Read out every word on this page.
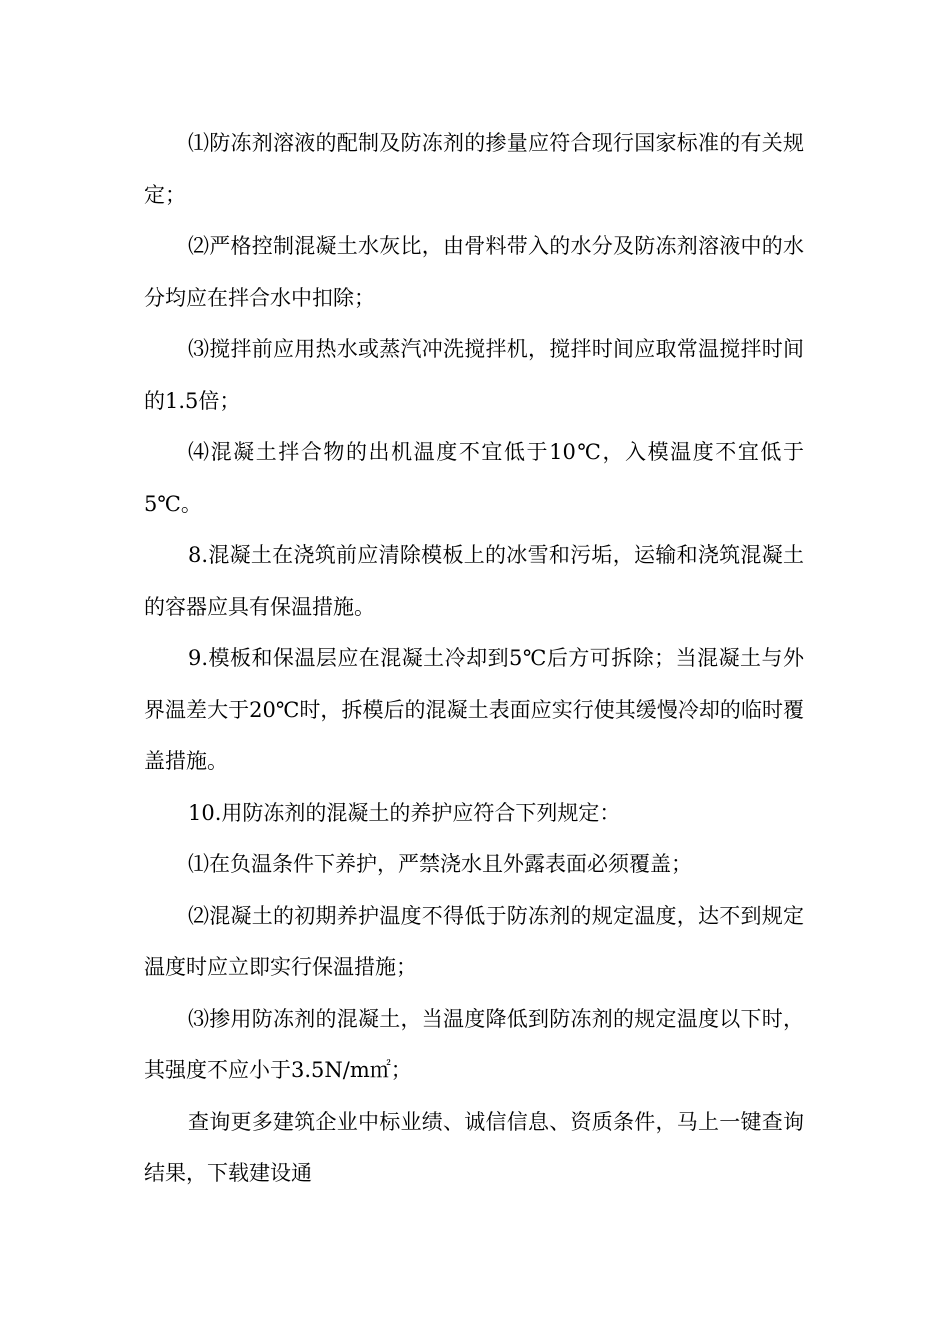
⑴防冻剂溶液的配制及防冻剂的掺量应符合现行国家标准的有关规定；

⑵严格控制混凝土水灰比，由骨料带入的水分及防冻剂溶液中的水分均应在拌合水中扣除；

⑶搅拌前应用热水或蒸汽冲洗搅拌机，搅拌时间应取常温搅拌时间的1.5倍；

⑷混凝土拌合物的出机温度不宜低于10℃，入模温度不宜低于5℃。

8.混凝土在浇筑前应清除模板上的冰雪和污垢，运输和浇筑混凝土的容器应具有保温措施。

9.模板和保温层应在混凝土冷却到5℃后方可拆除；当混凝土与外界温差大于20℃时，拆模后的混凝土表面应实行使其缓慢冷却的临时覆盖措施。

10.用防冻剂的混凝土的养护应符合下列规定：

⑴在负温条件下养护，严禁浇水且外露表面必须覆盖；

⑵混凝土的初期养护温度不得低于防冻剂的规定温度，达不到规定温度时应立即实行保温措施；

⑶掺用防冻剂的混凝土，当温度降低到防冻剂的规定温度以下时，其强度不应小于3.5N/m㎡；

查询更多建筑企业中标业绩、诚信信息、资质条件，马上一键查询结果，下载建设通
